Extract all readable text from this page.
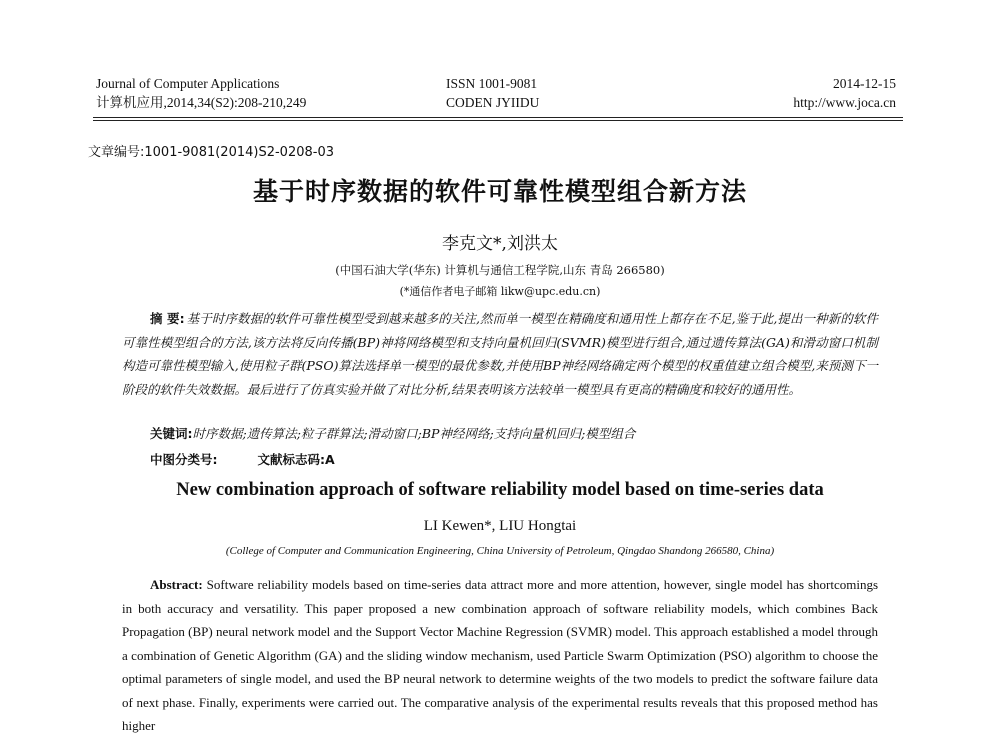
Journal of Computer Applications
计算机应用,2014,34(S2):208-210,249
ISSN 1001-9081
CODEN JYIIDU
2014-12-15
http://www.joca.cn
文章编号:1001-9081(2014)S2-0208-03
基于时序数据的软件可靠性模型组合新方法
李克文*,刘洪太
(中国石油大学(华东) 计算机与通信工程学院,山东 青岛 266580)
(*通信作者电子邮箱 likw@upc.edu.cn)
摘 要: 基于时序数据的软件可靠性模型受到越来越多的关注,然而单一模型在精确度和通用性上都存在不足,鉴于此,提出一种新的软件可靠性模型组合的方法,该方法将反向传播(BP)神将网络模型和支持向量机回归(SVMR)模型进行组合,通过遗传算法(GA)和滑动窗口机制构造可靠性模型输入,使用粒子群(PSO)算法选择单一模型的最优参数,并使用BP神经网络确定两个模型的权重值建立组合模型,来预测下一阶段的软件失效数据。最后进行了仿真实验并做了对比分析,结果表明该方法较单一模型具有更高的精确度和较好的通用性。
关键词:时序数据;遗传算法;粒子群算法;滑动窗口;BP神经网络;支持向量机回归;模型组合
中图分类号:	文献标志码:A
New combination approach of software reliability model based on time-series data
LI Kewen*, LIU Hongtai
(College of Computer and Communication Engineering, China University of Petroleum, Qingdao Shandong 266580, China)
Abstract: Software reliability models based on time-series data attract more and more attention, however, single model has shortcomings in both accuracy and versatility. This paper proposed a new combination approach of software reliability models, which combines Back Propagation (BP) neural network model and the Support Vector Machine Regression (SVMR) model. This approach established a model through a combination of Genetic Algorithm (GA) and the sliding window mechanism, used Particle Swarm Optimization (PSO) algorithm to choose the optimal parameters of single model, and used the BP neural network to determine weights of the two models to predict the software failure data of next phase. Finally, experiments were carried out. The comparative analysis of the experimental results reveals that this proposed method has higher
